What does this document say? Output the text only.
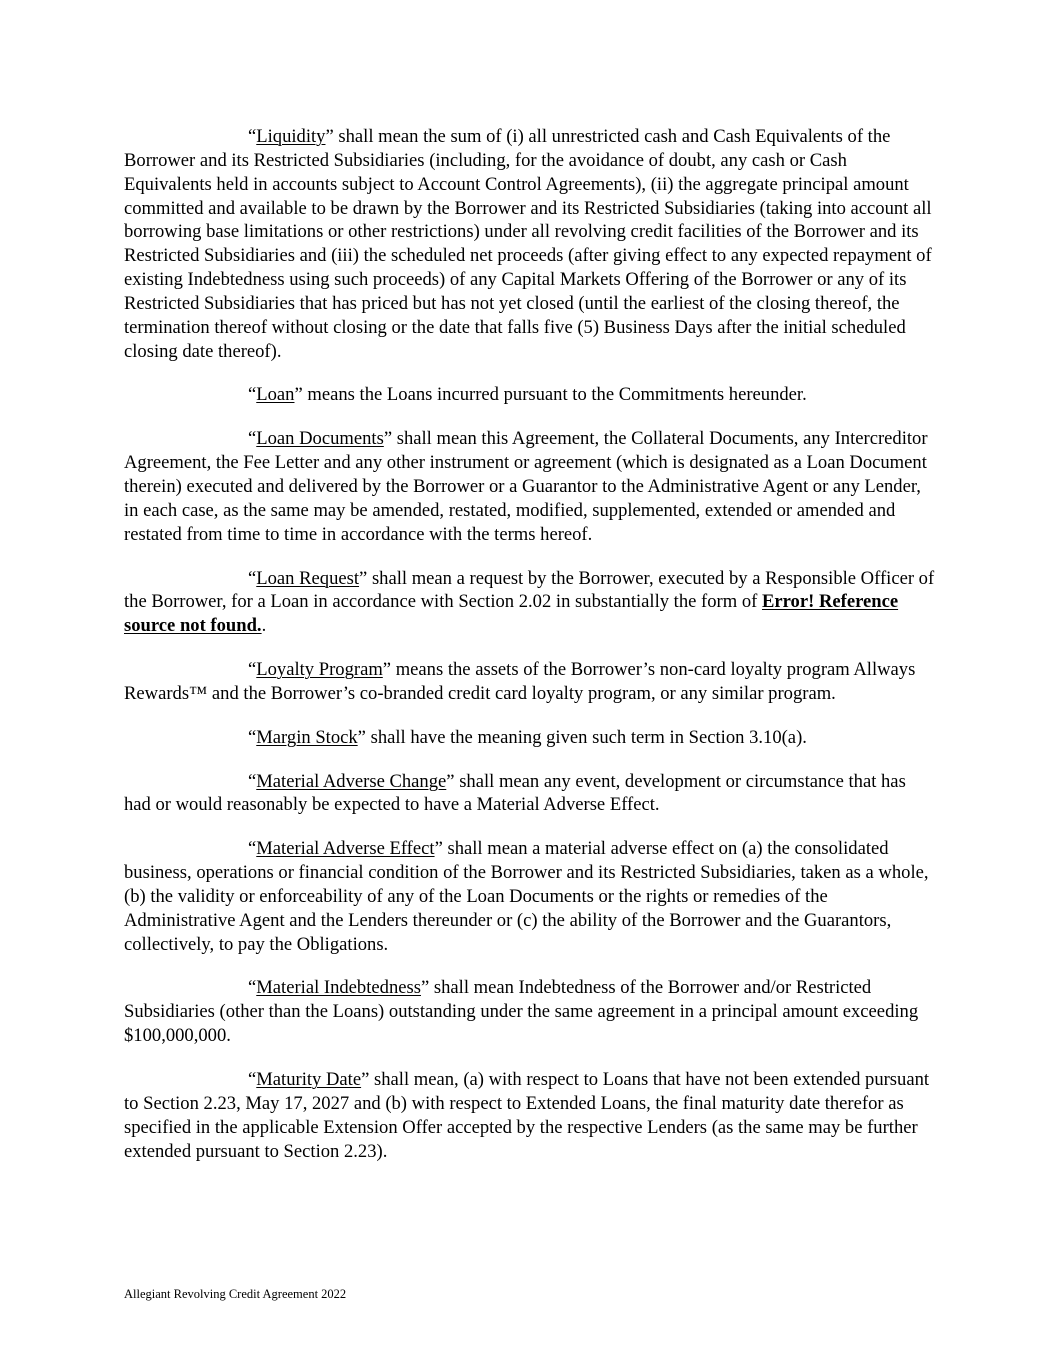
“Liquidity” shall mean the sum of (i) all unrestricted cash and Cash Equivalents of the Borrower and its Restricted Subsidiaries (including, for the avoidance of doubt, any cash or Cash Equivalents held in accounts subject to Account Control Agreements), (ii) the aggregate principal amount committed and available to be drawn by the Borrower and its Restricted Subsidiaries (taking into account all borrowing base limitations or other restrictions) under all revolving credit facilities of the Borrower and its Restricted Subsidiaries and (iii) the scheduled net proceeds (after giving effect to any expected repayment of existing Indebtedness using such proceeds) of any Capital Markets Offering of the Borrower or any of its Restricted Subsidiaries that has priced but has not yet closed (until the earliest of the closing thereof, the termination thereof without closing or the date that falls five (5) Business Days after the initial scheduled closing date thereof).

“Loan” means the Loans incurred pursuant to the Commitments hereunder.

“Loan Documents” shall mean this Agreement, the Collateral Documents, any Intercreditor Agreement, the Fee Letter and any other instrument or agreement (which is designated as a Loan Document therein) executed and delivered by the Borrower or a Guarantor to the Administrative Agent or any Lender, in each case, as the same may be amended, restated, modified, supplemented, extended or amended and restated from time to time in accordance with the terms hereof.

“Loan Request” shall mean a request by the Borrower, executed by a Responsible Officer of the Borrower, for a Loan in accordance with Section 2.02 in substantially the form of Error! Reference source not found..

“Loyalty Program” means the assets of the Borrower’s non-card loyalty program Allways Rewards™ and the Borrower’s co-branded credit card loyalty program, or any similar program.

“Margin Stock” shall have the meaning given such term in Section 3.10(a).

“Material Adverse Change” shall mean any event, development or circumstance that has had or would reasonably be expected to have a Material Adverse Effect.

“Material Adverse Effect” shall mean a material adverse effect on (a) the consolidated business, operations or financial condition of the Borrower and its Restricted Subsidiaries, taken as a whole, (b) the validity or enforceability of any of the Loan Documents or the rights or remedies of the Administrative Agent and the Lenders thereunder or (c) the ability of the Borrower and the Guarantors, collectively, to pay the Obligations.

“Material Indebtedness” shall mean Indebtedness of the Borrower and/or Restricted Subsidiaries (other than the Loans) outstanding under the same agreement in a principal amount exceeding $100,000,000.

“Maturity Date” shall mean, (a) with respect to Loans that have not been extended pursuant to Section 2.23, May 17, 2027 and (b) with respect to Extended Loans, the final maturity date therefor as specified in the applicable Extension Offer accepted by the respective Lenders (as the same may be further extended pursuant to Section 2.23).

Allegiant Revolving Credit Agreement 2022
